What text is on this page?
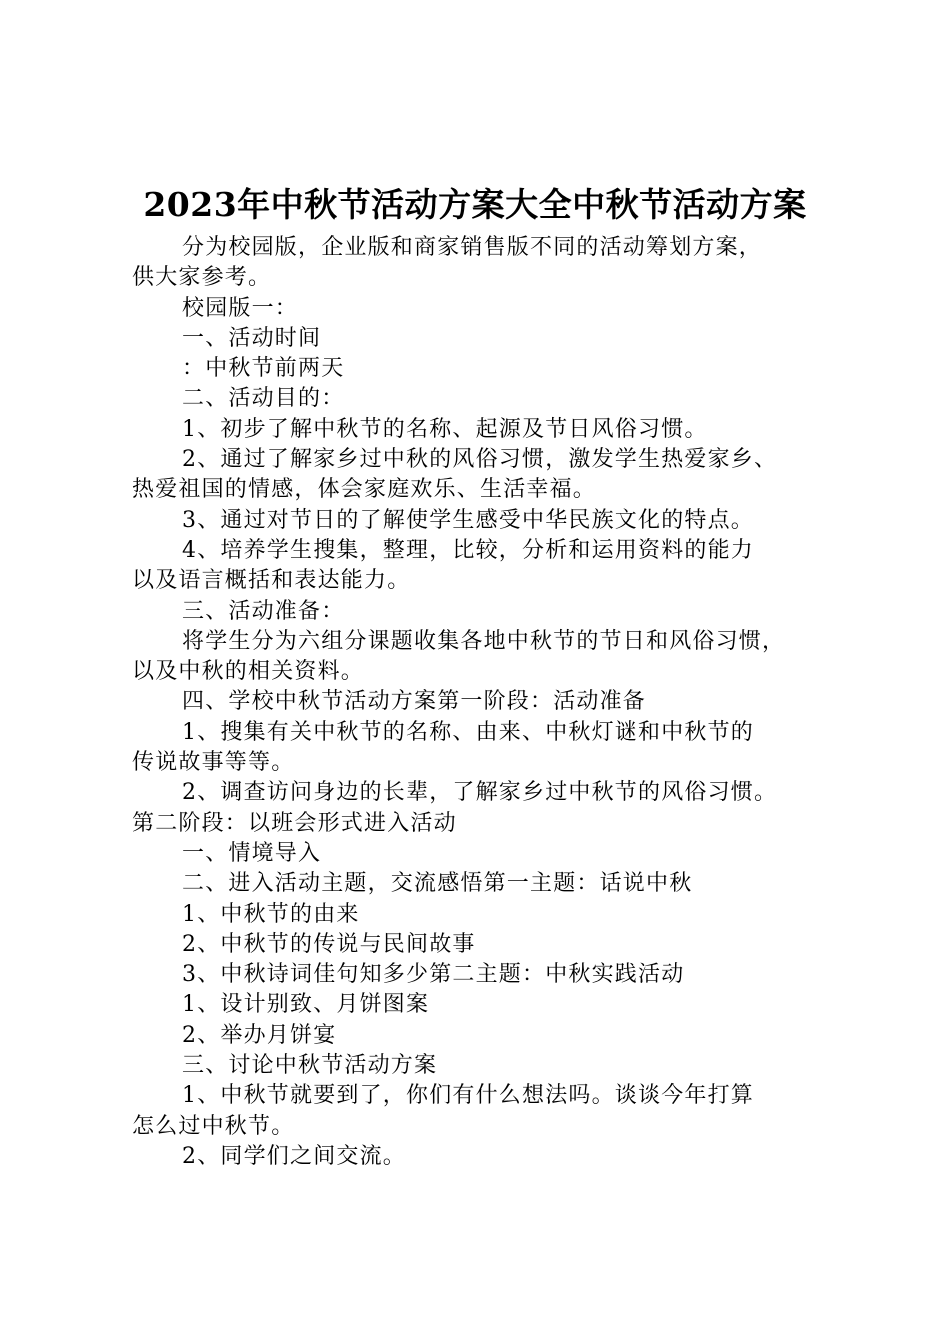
2023年中秋节活动方案大全中秋节活动方案

分为校园版，企业版和商家销售版不同的活动筹划方案，

供大家参考。

校园版一：

一、活动时间

：中秋节前两天

二、活动目的：

1、初步了解中秋节的名称、起源及节日风俗习惯。

2、通过了解家乡过中秋的风俗习惯，激发学生热爱家乡、

热爱祖国的情感，体会家庭欢乐、生活幸福。

3、通过对节日的了解使学生感受中华民族文化的特点。

4、培养学生搜集，整理，比较，分析和运用资料的能力

以及语言概括和表达能力。

三、活动准备：

将学生分为六组分课题收集各地中秋节的节日和风俗习惯，

以及中秋的相关资料。

四、学校中秋节活动方案第一阶段：活动准备

1、搜集有关中秋节的名称、由来、中秋灯谜和中秋节的

传说故事等等。

2、调查访问身边的长辈，了解家乡过中秋节的风俗习惯。

第二阶段：以班会形式进入活动

一、情境导入

二、进入活动主题，交流感悟第一主题：话说中秋

1、中秋节的由来

2、中秋节的传说与民间故事

3、中秋诗词佳句知多少第二主题：中秋实践活动

1、设计别致、月饼图案

2、举办月饼宴

三、讨论中秋节活动方案

1、中秋节就要到了，你们有什么想法吗。谈谈今年打算

怎么过中秋节。

2、同学们之间交流。
